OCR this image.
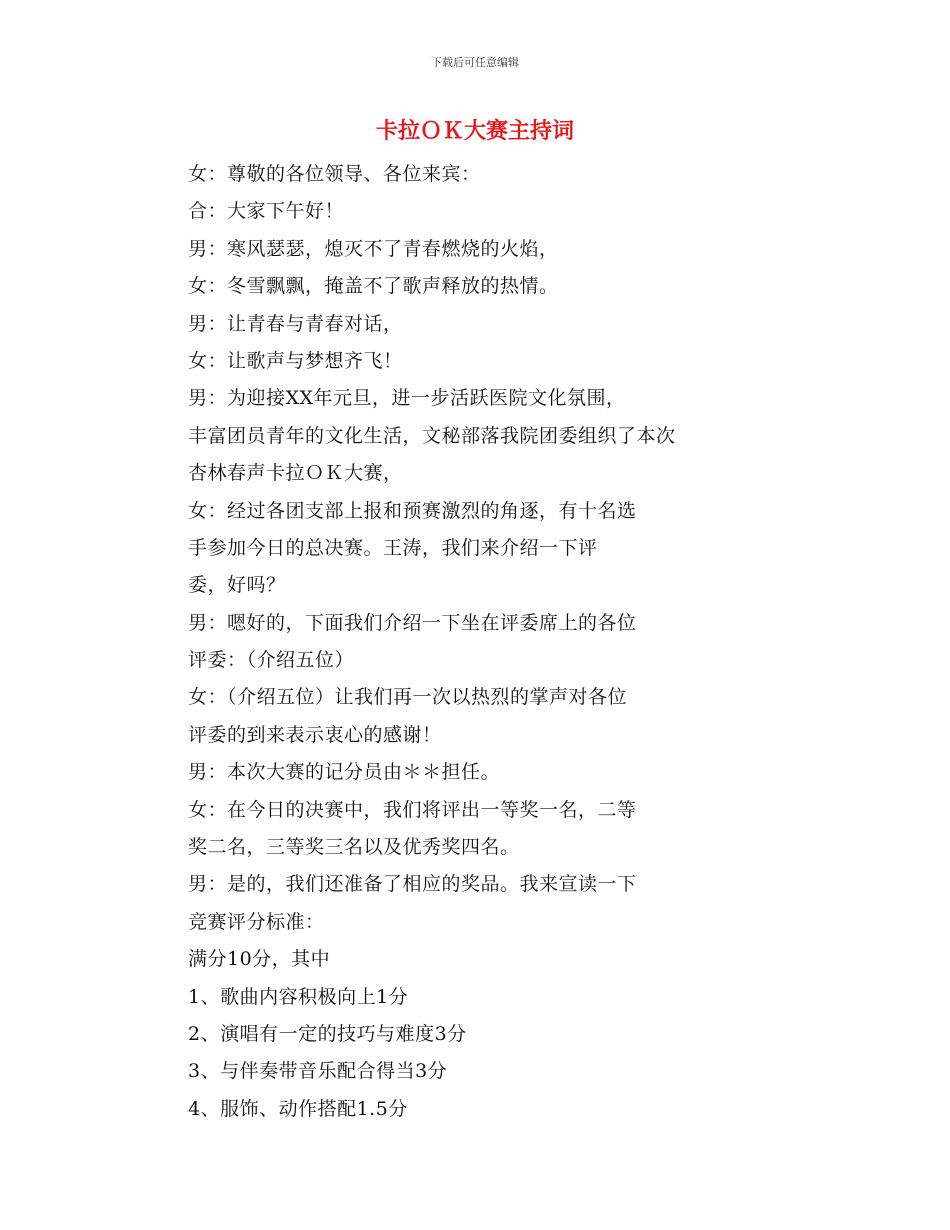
下载后可任意编辑
卡拉ＯＫ大赛主持词
女：尊敬的各位领导、各位来宾：
合：大家下午好！
男：寒风瑟瑟，熄灭不了青春燃烧的火焰，
女：冬雪飘飘，掩盖不了歌声释放的热情。
男：让青春与青春对话，
女：让歌声与梦想齐飞！
男：为迎接XX年元旦，进一步活跃医院文化氛围，
丰富团员青年的文化生活，文秘部落我院团委组织了本次
杏林春声卡拉ＯＫ大赛，
女：经过各团支部上报和预赛激烈的角逐，有十名选
手参加今日的总决赛。王涛，我们来介绍一下评
委，好吗？
男：嗯好的，下面我们介绍一下坐在评委席上的各位
评委：（介绍五位）
女：（介绍五位）让我们再一次以热烈的掌声对各位
评委的到来表示衷心的感谢！
男：本次大赛的记分员由＊＊担任。
女：在今日的决赛中，我们将评出一等奖一名，二等
奖二名，三等奖三名以及优秀奖四名。
男：是的，我们还准备了相应的奖品。我来宣读一下
竞赛评分标准：
满分10分，其中
1、歌曲内容积极向上1分
2、演唱有一定的技巧与难度3分
3、与伴奏带音乐配合得当3分
4、服饰、动作搭配1.5分
